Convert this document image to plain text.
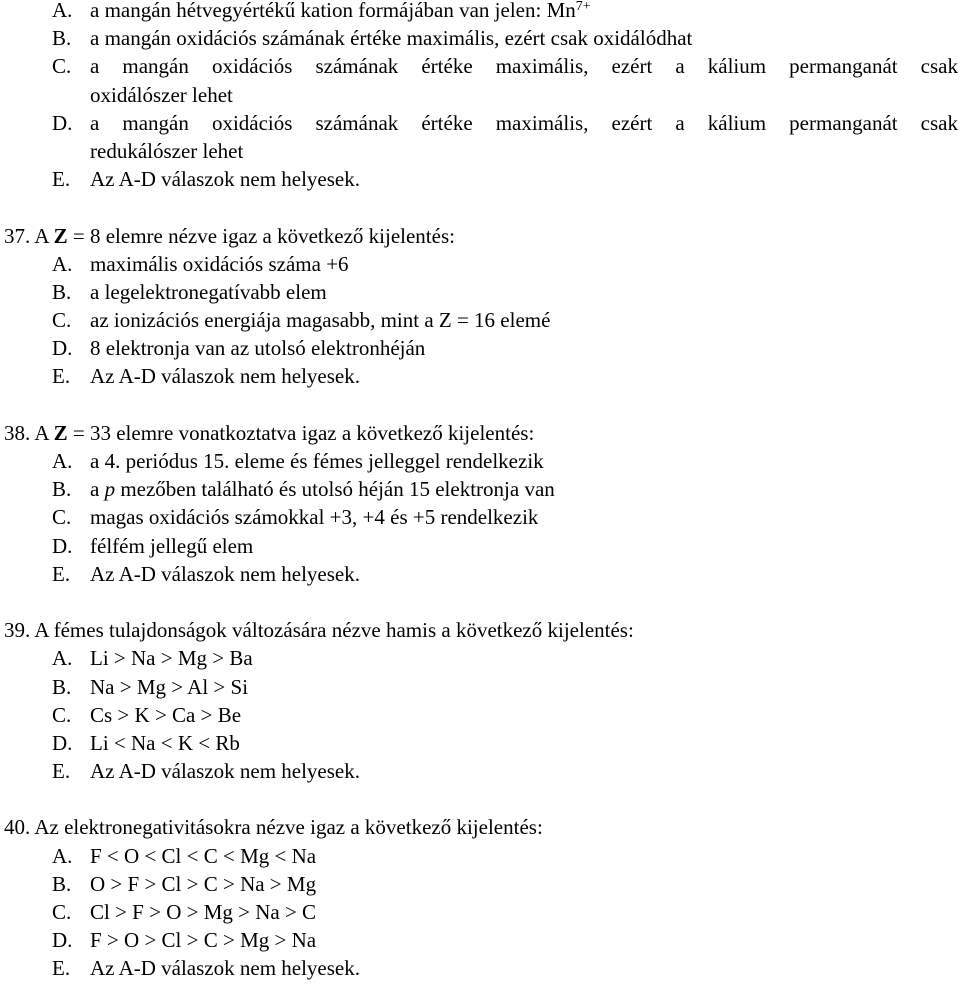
A. a mangán hétvegyértékű kation formájában van jelen: $Mn^{7+}$
B. a mangán oxidációs számának értéke maximális, ezért csak oxidálódhat
C. a mangán oxidációs számának értéke maximális, ezért a kálium permanganát csak
oxidálószer lehet
D. a mangán oxidációs számának értéke maximális, ezért a kálium permanganát csak
redukálószer lehet
E. Az A-D válaszok nem helyesek.
37. A Z = 8 elemre nézve igaz a következő kijelentés:
A. maximális oxidációs száma +6
B. a legelektronegatívabb elem
C. az ionizációs energiája magasabb, mint a Z = 16 elemé
D. 8 elektronja van az utolsó elektronhéján
E. Az A-D válaszok nem helyesek.
38. A Z = 33 elemre vonatkoztatva igaz a következő kijelentés:
A. a 4. periódus 15. eleme és fémes jelleggel rendelkezik
B. a p mezőben található és utolsó héján 15 elektronja van
C. magas oxidációs számokkal +3, +4 és +5 rendelkezik
D. félfém jellegű elem
E. Az A-D válaszok nem helyesek.
39. A fémes tulajdonságok változására nézve hamis a következő kijelentés:
A. Li > Na > Mg > Ba
B. Na > Mg > Al > Si
C. Cs > K > Ca > Be
D. Li < Na < K < Rb
E. Az A-D válaszok nem helyesek.
40. Az elektronegativitásokra nézve igaz a következő kijelentés:
A. F < O < Cl < C < Mg < Na
B. O > F > Cl > C > Na > Mg
C. Cl > F > O > Mg > Na > C
D. F > O > Cl > C > Mg > Na
E. Az A-D válaszok nem helyesek.
